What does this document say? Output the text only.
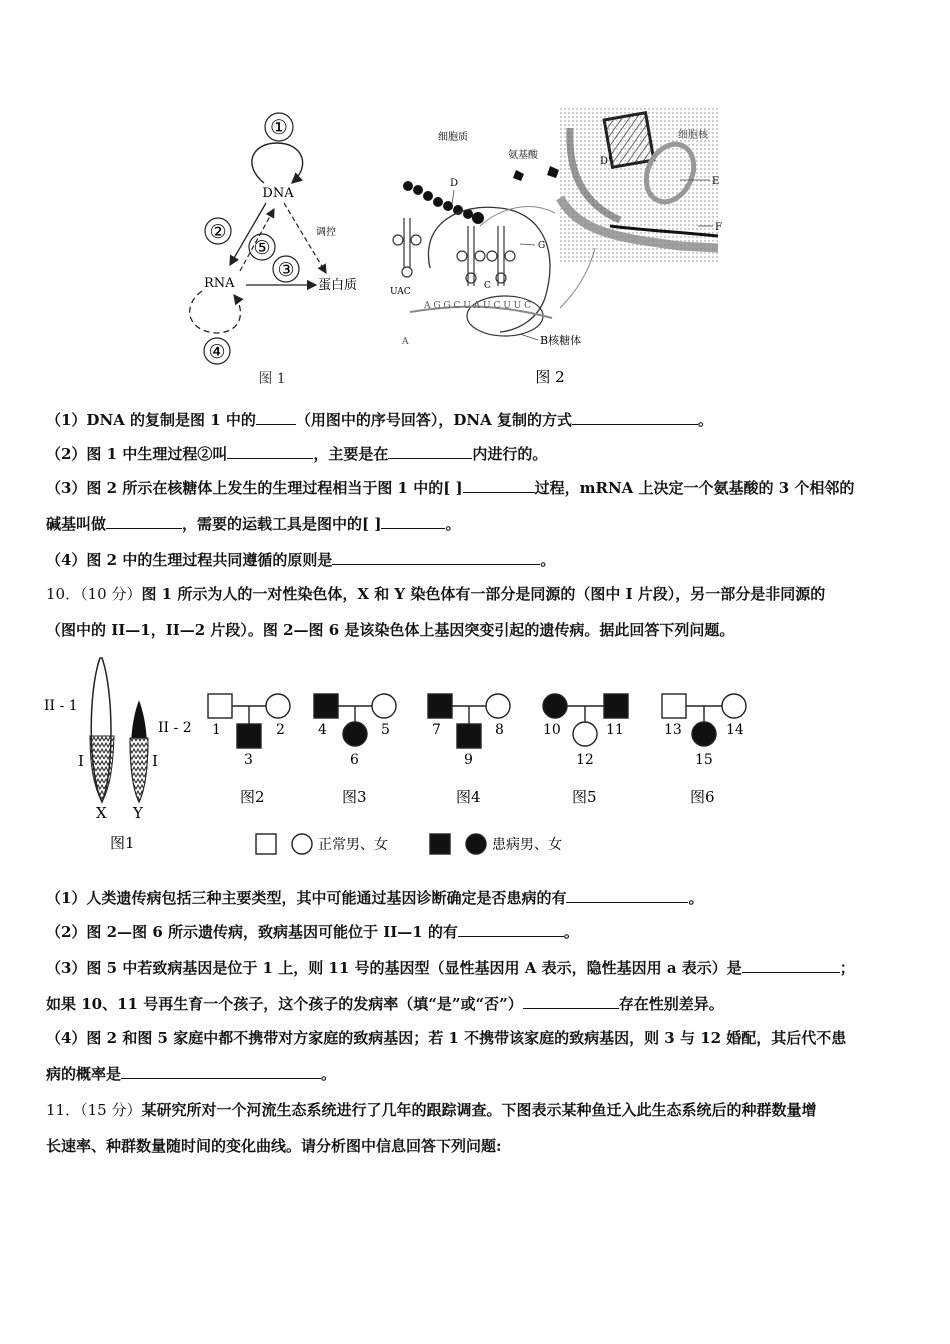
①
DNA
调控
②
⑤
③
RNA	蛋白质
④
图 1
细胞核
D'
E
F
细胞质
氨基酸
D
G
UAC
C
A G G C U A U C U U C
A	B核糖体
图 2
（1）DNA 的复制是图 1 中的	（用图中的序号回答），DNA 复制的方式	。
（2）图 1 中生理过程②叫	，主要是在	内进行的。
（3）图 2 所示在核糖体上发生的生理过程相当于图 1 中的[ ]	过程，mRNA 上决定一个氨基酸的 3 个相邻的
碱基叫做	，需要的运载工具是图中的[ ]	。
（4）图 2 中的生理过程共同遵循的原则是	。
10．（10 分）图 1 所示为人的一对性染色体，X 和 Y 染色体有一部分是同源的（图中 I 片段），另一部分是非同源的
（图中的 II—1，II—2 片段）。图 2—图 6 是该染色体上基因突变引起的遗传病。据此回答下列问题。
II - 1
II - 2
I	I
X Y
图1
1	2
3
图2
4	5
6
图3
7	8
9
图4
10	11
12
图5
13	14
15
图6
正常男、女	患病男、女
（1）人类遗传病包括三种主要类型，其中可能通过基因诊断确定是否患病的有	。
（2）图 2—图 6 所示遗传病，致病基因可能位于 II—1 的有	。
（3）图 5 中若致病基因是位于 1 上，则 11 号的基因型（显性基因用 A 表示，隐性基因用 a 表示）是	；
如果 10、11 号再生育一个孩子，这个孩子的发病率（填“是”或“否”）	存在性别差异。
（4）图 2 和图 5 家庭中都不携带对方家庭的致病基因；若 1 不携带该家庭的致病基因，则 3 与 12 婚配，其后代不患
病的概率是	。
11．（15 分）某研究所对一个河流生态系统进行了几年的跟踪调查。下图表示某种鱼迁入此生态系统后的种群数量增
长速率、种群数量随时间的变化曲线。请分析图中信息回答下列问题:
